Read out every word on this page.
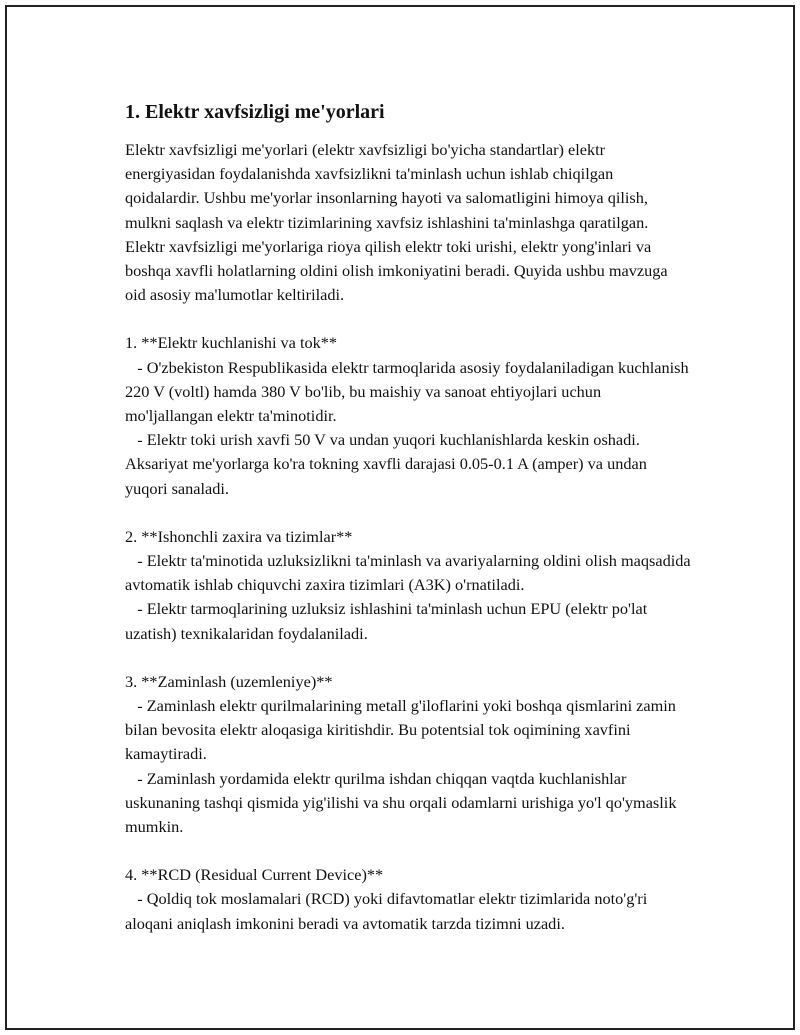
1. Elektr xavfsizligi me'yorlari

Elektr xavfsizligi me'yorlari (elektr xavfsizligi bo'yicha standartlar) elektr energiyasidan foydalanishda xavfsizlikni ta'minlash uchun ishlab chiqilgan qoidalardir. Ushbu me'yorlar insonlarning hayoti va salomatligini himoya qilish, mulkni saqlash va elektr tizimlarining xavfsiz ishlashini ta'minlashga qaratilgan. Elektr xavfsizligi me'yorlariga rioya qilish elektr toki urishi, elektr yong'inlari va boshqa xavfli holatlarning oldini olish imkoniyatini beradi. Quyida ushbu mavzuga oid asosiy ma'lumotlar keltiriladi.

1. **Elektr kuchlanishi va tok**
- O'zbekiston Respublikasida elektr tarmoqlarida asosiy foydalaniladigan kuchlanish 220 V (voltl) hamda 380 V bo'lib, bu maishiy va sanoat ehtiyojlari uchun mo'ljallangan elektr ta'minotidir.
- Elektr toki urish xavfi 50 V va undan yuqori kuchlanishlarda keskin oshadi. Aksariyat me'yorlarga ko'ra tokning xavfli darajasi 0.05-0.1 A (amper) va undan yuqori sanaladi.
2. **Ishonchli zaxira va tizimlar**
- Elektr ta'minotida uzluksizlikni ta'minlash va avariyalarning oldini olish maqsadida avtomatik ishlab chiquvchi zaxira tizimlari (A3K) o'rnatiladi.
- Elektr tarmoqlarining uzluksiz ishlashini ta'minlash uchun EPU (elektr po'lat uzatish) texnikalaridan foydalaniladi.
3. **Zaminlash (uzemleniye)**
- Zaminlash elektr qurilmalarining metall g'iloflarini yoki boshqa qismlarini zamin bilan bevosita elektr aloqasiga kiritishdir. Bu potentsial tok oqimining xavfini kamaytiradi.
- Zaminlash yordamida elektr qurilma ishdan chiqqan vaqtda kuchlanishlar uskunaning tashqi qismida yig'ilishi va shu orqali odamlarni urishiga yo'l qo'ymaslik mumkin.
4. **RCD (Residual Current Device)**
- Qoldiq tok moslamalari (RCD) yoki difavtomatlar elektr tizimlarida noto'g'ri aloqani aniqlash imkonini beradi va avtomatik tarzda tizimni uzadi.
